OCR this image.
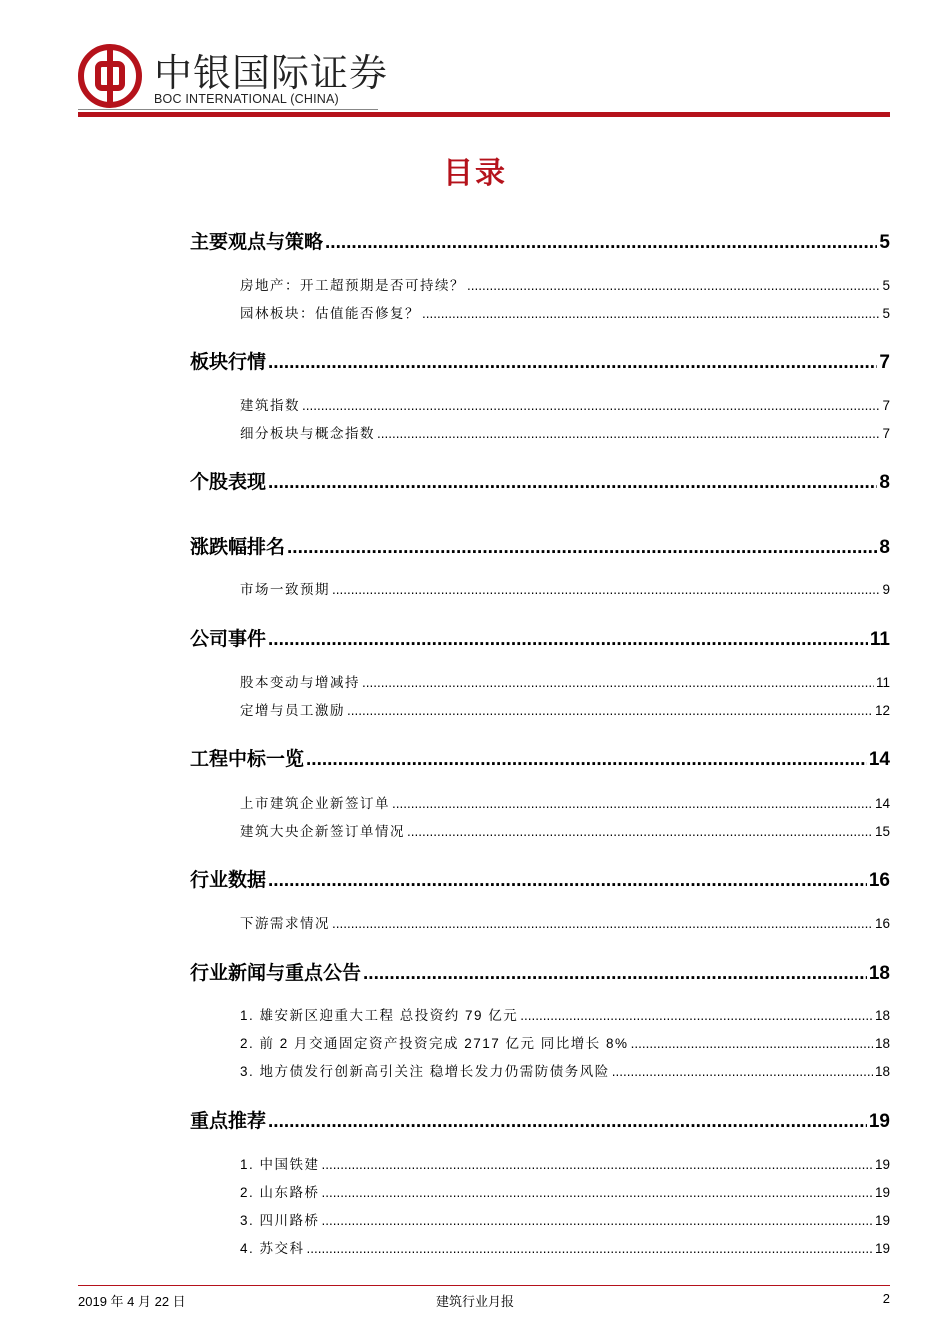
中银国际证券
BOC INTERNATIONAL (CHINA)
目录
主要观点与策略 .....	5
房地产：开工超预期是否可持续？ .....	5
园林板块：估值能否修复？ .....	5
板块行情 .....	7
建筑指数 .....	7
细分板块与概念指数 .....	7
个股表现 .....	8
涨跌幅排名 .....	8
市场一致预期 .....	9
公司事件 .....	11
股本变动与增减持 .....	11
定增与员工激励 .....	12
工程中标一览 .....	14
上市建筑企业新签订单 .....	14
建筑大央企新签订单情况 .....	15
行业数据 .....	16
下游需求情况 .....	16
行业新闻与重点公告 .....	18
1. 雄安新区迎重大工程 总投资约 79 亿元 .....	18
2. 前 2 月交通固定资产投资完成 2717 亿元 同比增长 8% .....	18
3. 地方债发行创新高引关注 稳增长发力仍需防债务风险 .....	18
重点推荐 .....	19
1. 中国铁建 .....	19
2. 山东路桥 .....	19
3. 四川路桥 .....	19
4. 苏交科 .....	19
2019 年 4 月 22 日	建筑行业月报	2
